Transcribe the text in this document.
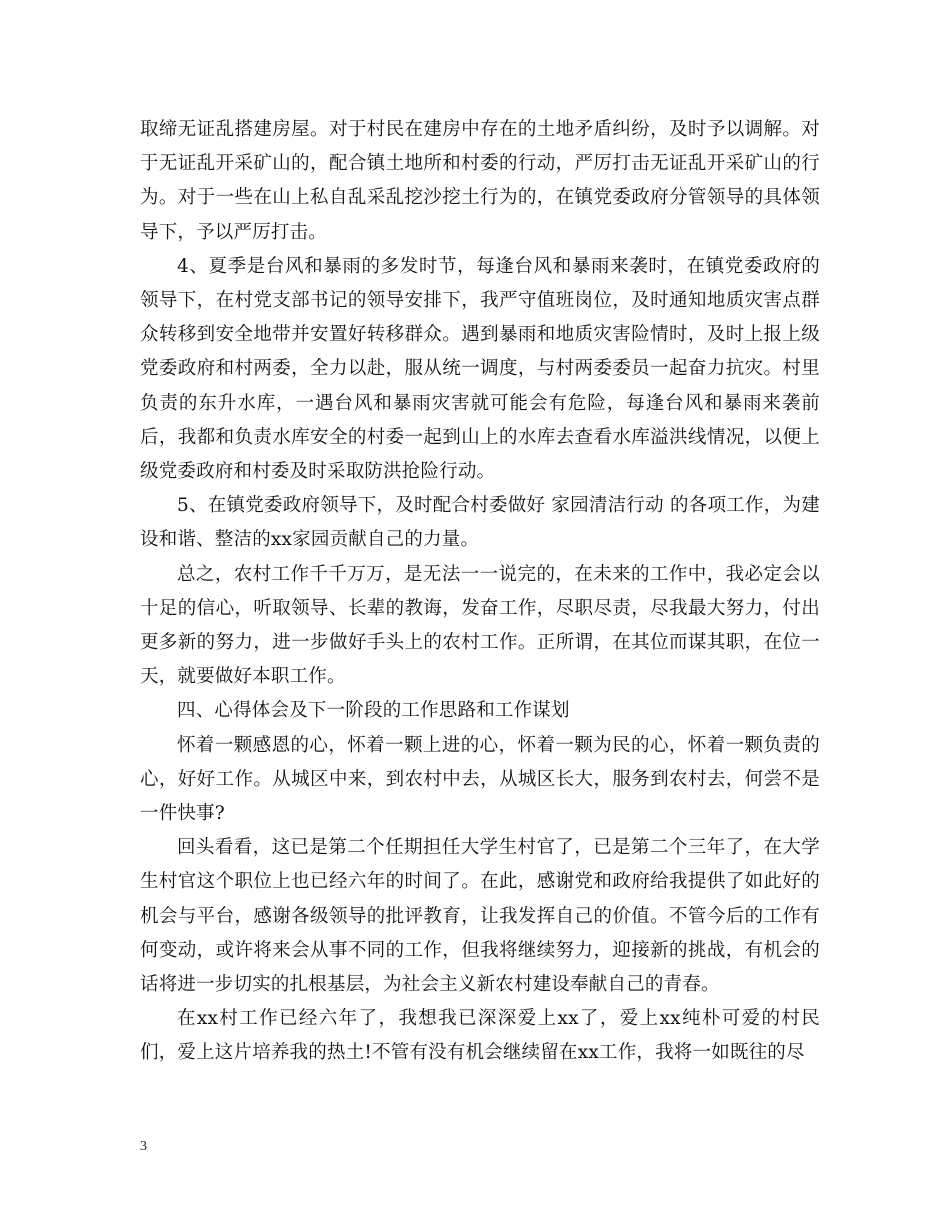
取缔无证乱搭建房屋。对于村民在建房中存在的土地矛盾纠纷，及时予以调解。对于无证乱开采矿山的，配合镇土地所和村委的行动，严厉打击无证乱开采矿山的行为。对于一些在山上私自乱采乱挖沙挖土行为的，在镇党委政府分管领导的具体领导下，予以严厉打击。

4、夏季是台风和暴雨的多发时节，每逢台风和暴雨来袭时，在镇党委政府的领导下，在村党支部书记的领导安排下，我严守值班岗位，及时通知地质灾害点群众转移到安全地带并安置好转移群众。遇到暴雨和地质灾害险情时，及时上报上级党委政府和村两委，全力以赴，服从统一调度，与村两委委员一起奋力抗灾。村里负责的东升水库，一遇台风和暴雨灾害就可能会有危险，每逢台风和暴雨来袭前后，我都和负责水库安全的村委一起到山上的水库去查看水库溢洪线情况，以便上级党委政府和村委及时采取防洪抢险行动。

5、在镇党委政府领导下，及时配合村委做好 家园清洁行动 的各项工作，为建设和谐、整洁的xx家园贡献自己的力量。

总之，农村工作千千万万，是无法一一说完的，在未来的工作中，我必定会以十足的信心，听取领导、长辈的教诲，发奋工作，尽职尽责，尽我最大努力，付出更多新的努力，进一步做好手头上的农村工作。正所谓，在其位而谋其职，在位一天，就要做好本职工作。

四、心得体会及下一阶段的工作思路和工作谋划

怀着一颗感恩的心，怀着一颗上进的心，怀着一颗为民的心，怀着一颗负责的心，好好工作。从城区中来，到农村中去，从城区长大，服务到农村去，何尝不是一件快事?

回头看看，这已是第二个任期担任大学生村官了，已是第二个三年了，在大学生村官这个职位上也已经六年的时间了。在此，感谢党和政府给我提供了如此好的机会与平台，感谢各级领导的批评教育，让我发挥自己的价值。不管今后的工作有何变动，或许将来会从事不同的工作，但我将继续努力，迎接新的挑战，有机会的话将进一步切实的扎根基层，为社会主义新农村建设奉献自己的青春。

在xx村工作已经六年了，我想我已深深爱上xx了，爱上xx纯朴可爱的村民们，爱上这片培养我的热土!不管有没有机会继续留在xx工作，我将一如既往的尽

3
